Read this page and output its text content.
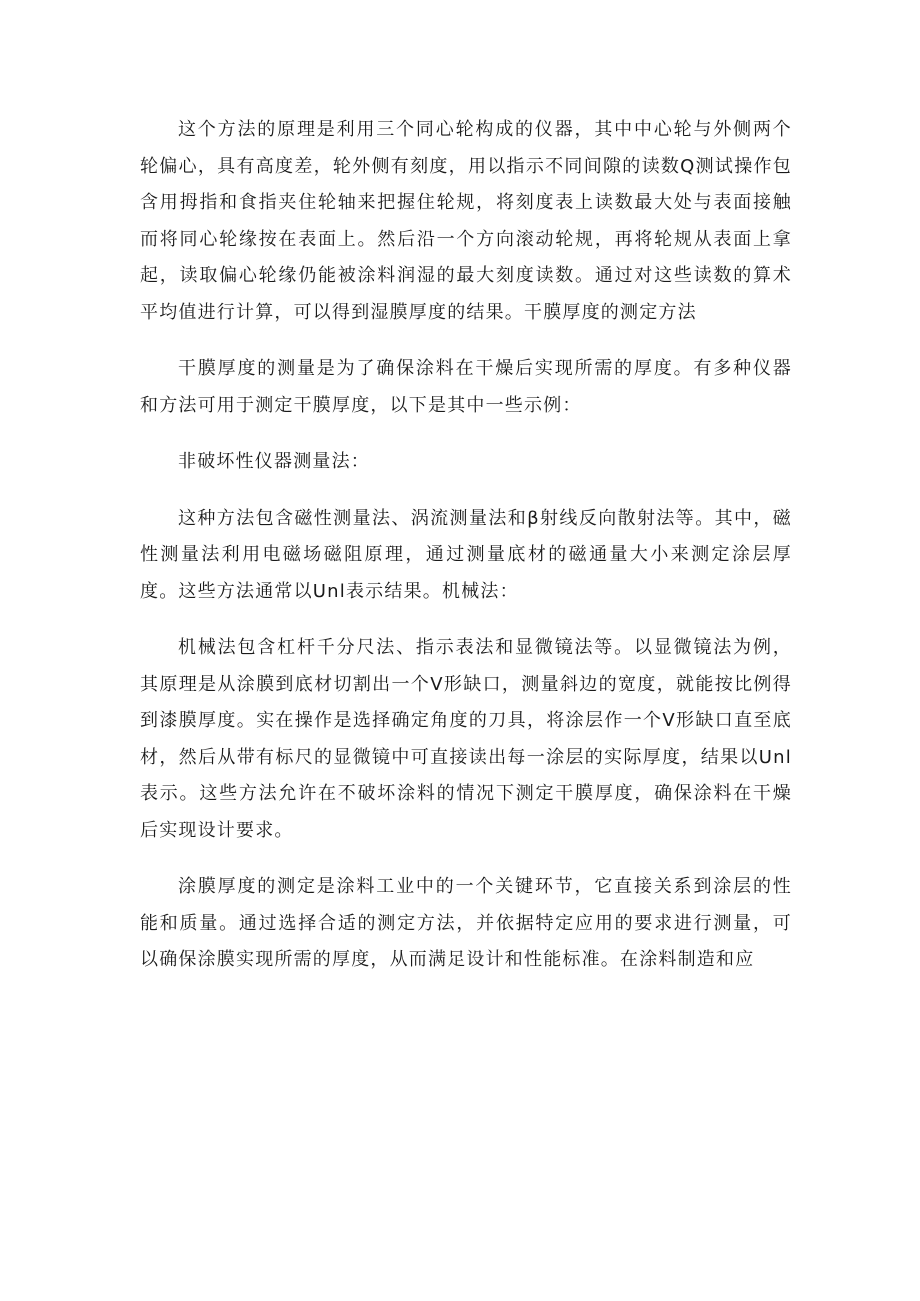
这个方法的原理是利用三个同心轮构成的仪器，其中中心轮与外侧两个轮偏心，具有高度差，轮外侧有刻度，用以指示不同间隙的读数Q测试操作包含用拇指和食指夹住轮轴来把握住轮规，将刻度表上读数最大处与表面接触而将同心轮缘按在表面上。然后沿一个方向滚动轮规，再将轮规从表面上拿起，读取偏心轮缘仍能被涂料润湿的最大刻度读数。通过对这些读数的算术平均值进行计算，可以得到湿膜厚度的结果。干膜厚度的测定方法

干膜厚度的测量是为了确保涂料在干燥后实现所需的厚度。有多种仪器和方法可用于测定干膜厚度，以下是其中一些示例：

非破坏性仪器测量法：

这种方法包含磁性测量法、涡流测量法和β射线反向散射法等。其中，磁性测量法利用电磁场磁阻原理，通过测量底材的磁通量大小来测定涂层厚度。这些方法通常以Unl表示结果。机械法：

机械法包含杠杆千分尺法、指示表法和显微镜法等。以显微镜法为例，其原理是从涂膜到底材切割出一个V形缺口，测量斜边的宽度，就能按比例得到漆膜厚度。实在操作是选择确定角度的刀具，将涂层作一个V形缺口直至底材，然后从带有标尺的显微镜中可直接读出每一涂层的实际厚度，结果以Unl表示。这些方法允许在不破坏涂料的情况下测定干膜厚度，确保涂料在干燥后实现设计要求。

涂膜厚度的测定是涂料工业中的一个关键环节，它直接关系到涂层的性能和质量。通过选择合适的测定方法，并依据特定应用的要求进行测量，可以确保涂膜实现所需的厚度，从而满足设计和性能标准。在涂料制造和应
